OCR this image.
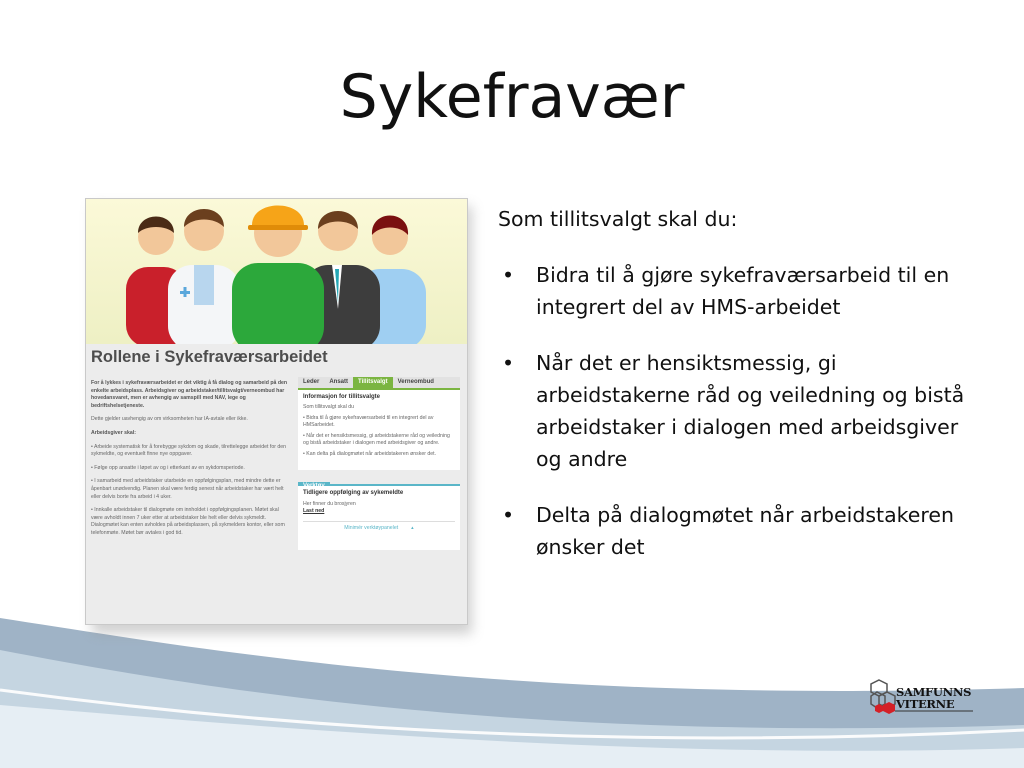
Sykefravær
Rollene i Sykefraværsarbeidet

For å lykkes i sykefraværsarbeidet er det viktig å få dialog og samarbeid på den enkelte arbeidsplass. Arbeidsgiver og arbeidstaker/tillitsvalgt/verneombud har hovedansvaret, men er avhengig av samspill med NAV, lege og bedriftshelsetjeneste.

Dette gjelder uavhengig av om virksomheten har IA-avtale eller ikke.

Arbeidsgiver skal:

• Arbeide systematisk for å forebygge sykdom og skade, tilrettelegge arbeidet for den sykmeldte, og eventuelt finne nye oppgaver.

• Følge opp ansatte i løpet av og i etterkant av en sykdomsperiode.

• I samarbeid med arbeidstaker utarbeide en oppfølgingsplan, med mindre dette er åpenbart unødvendig. Planen skal være ferdig senest når arbeidstaker har vært helt eller delvis borte fra arbeid i 4 uker.

• Innkalle arbeidstaker til dialogmøte om innholdet i oppfølgingsplanen. Møtet skal være avholdt innen 7 uker etter at arbeidstaker ble helt eller delvis sykmeldt. Dialogmøtet kan enten avholdes på arbeidsplassen, på sykmelders kontor, eller som telefonmøte. Møtet bør avtales i god tid.

Leder	Ansatt	Tillitsvalgt	Verneombud
Informasjon for tillitsvalgte

Som tillitsvalgt skal du

• Bidra til å gjøre sykefraværsarbeid til en integrert del av HMSarbeidet.

• Når det er hensiktsmessig, gi arbeidstakerne råd og veiledning og bistå arbeidstaker i dialogen med arbeidsgiver og andre.

• Kan delta på dialogmøtet når arbeidstakeren ønsker det.

Tidligere oppfølging av sykemeldte
Her finner du brosjyren
Last ned
Minimér verktøypanelet         ▴

Som tillitsvalgt skal du:

• Bidra til å gjøre sykefraværsarbeid til en integrert del av HMS-arbeidet
• Når det er hensiktsmessig, gi arbeidstakerne råd og veiledning og bistå arbeidstaker i dialogen med arbeidsgiver og andre
• Delta på dialogmøtet når arbeidstakeren ønsker det
SAMFUNNS
VITERNE
